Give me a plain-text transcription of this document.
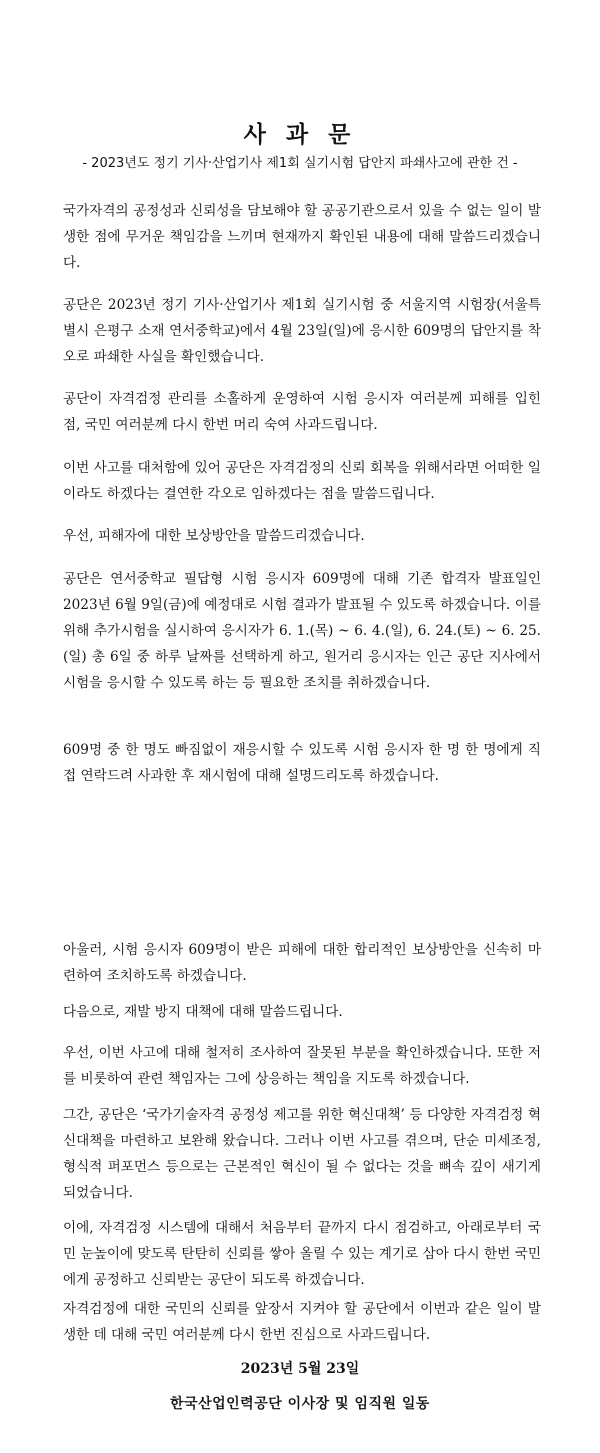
사 과 문
- 2023년도 정기 기사·산업기사 제1회 실기시험 답안지 파쇄사고에 관한 건 -

국가자격의 공정성과 신뢰성을 담보해야 할 공공기관으로서 있을 수 없는 일이 발생한 점에 무거운 책임감을 느끼며 현재까지 확인된 내용에 대해 말씀드리겠습니다.

공단은 2023년 정기 기사·산업기사 제1회 실기시험 중 서울지역 시험장(서울특별시 은평구 소재 연서중학교)에서 4월 23일(일)에 응시한 609명의 답안지를 착오로 파쇄한 사실을 확인했습니다.

공단이 자격검정 관리를 소홀하게 운영하여 시험 응시자 여러분께 피해를 입힌 점, 국민 여러분께 다시 한번 머리 숙여 사과드립니다.

이번 사고를 대처함에 있어 공단은 자격검정의 신뢰 회복을 위해서라면 어떠한 일이라도 하겠다는 결연한 각오로 임하겠다는 점을 말씀드립니다.

우선, 피해자에 대한 보상방안을 말씀드리겠습니다.

공단은 연서중학교 필답형 시험 응시자 609명에 대해 기존 합격자 발표일인 2023년 6월 9일(금)에 예정대로 시험 결과가 발표될 수 있도록 하겠습니다. 이를 위해 추가시험을 실시하여 응시자가 6. 1.(목) ~ 6. 4.(일), 6. 24.(토) ~ 6. 25.(일) 총 6일 중 하루 날짜를 선택하게 하고, 원거리 응시자는 인근 공단 지사에서 시험을 응시할 수 있도록 하는 등 필요한 조치를 취하겠습니다.

609명 중 한 명도 빠짐없이 재응시할 수 있도록 시험 응시자 한 명 한 명에게 직접 연락드려 사과한 후 재시험에 대해 설명드리도록 하겠습니다.

아울러, 시험 응시자 609명이 받은 피해에 대한 합리적인 보상방안을 신속히 마련하여 조치하도록 하겠습니다.

다음으로, 재발 방지 대책에 대해 말씀드립니다.

우선, 이번 사고에 대해 철저히 조사하여 잘못된 부분을 확인하겠습니다. 또한 저를 비롯하여 관련 책임자는 그에 상응하는 책임을 지도록 하겠습니다.

그간, 공단은 ‘국가기술자격 공정성 제고를 위한 혁신대책’ 등 다양한 자격검정 혁신대책을 마련하고 보완해 왔습니다. 그러나 이번 사고를 겪으며, 단순 미세조정, 형식적 퍼포먼스 등으로는 근본적인 혁신이 될 수 없다는 것을 뼈속 깊이 새기게 되었습니다.

이에, 자격검정 시스템에 대해서 처음부터 끝까지 다시 점검하고, 아래로부터 국민 눈높이에 맞도록 탄탄히 신뢰를 쌓아 올릴 수 있는 계기로 삼아 다시 한번 국민에게 공정하고 신뢰받는 공단이 되도록 하겠습니다.

자격검정에 대한 국민의 신뢰를 앞장서 지켜야 할 공단에서 이번과 같은 일이 발생한 데 대해 국민 여러분께 다시 한번 진심으로 사과드립니다.

2023년 5월 23일
한국산업인력공단 이사장 및 임직원 일동
